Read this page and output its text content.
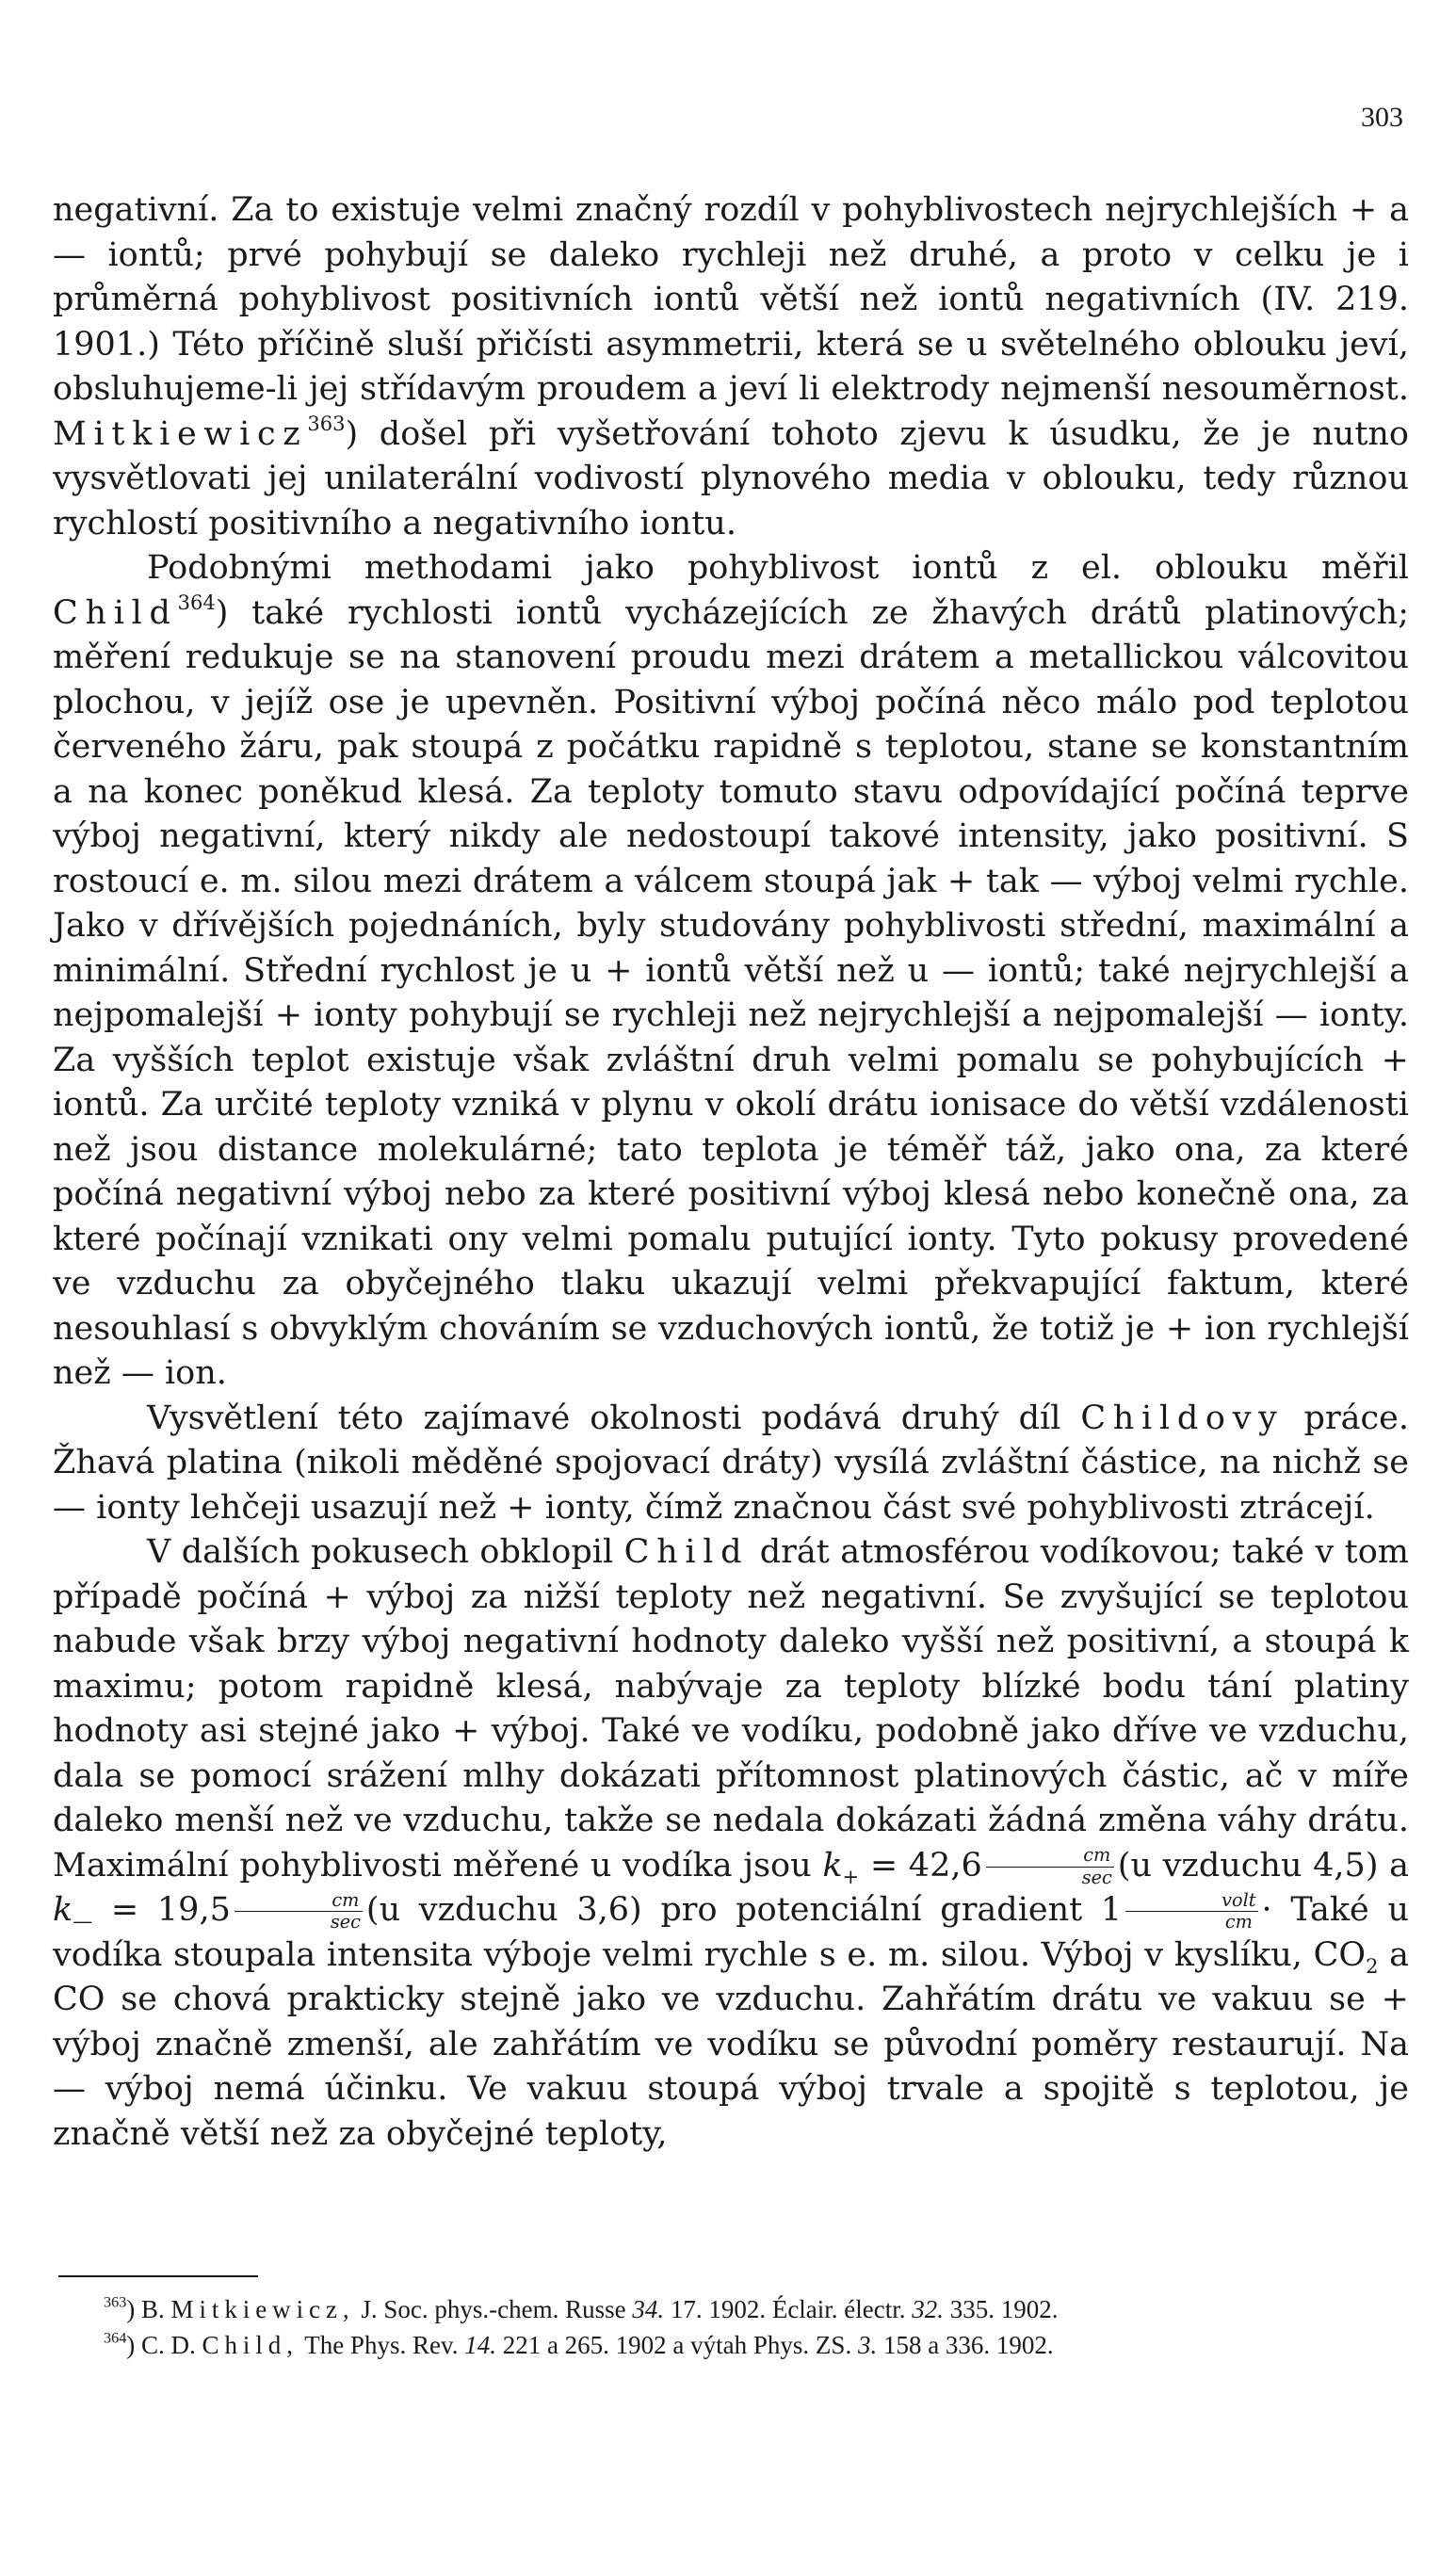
303

negativní. Za to existuje velmi značný rozdíl v pohyblivostech nejrychlejších + a — iontů; prvé pohybují se daleko rychleji než druhé, a proto v celku je i průměrná pohyblivost positivních iontů větší než iontů negativních (IV. 219. 1901.) Této příčině sluší přičísti asymmetrii, která se u světelného oblouku jeví, obsluhujeme-li jej střídavým proudem a jeví li elektrody nejmenší nesouměrnost. Mitkiewicz$^{363}$) došel při vyšetřování tohoto zjevu k úsudku, že je nutno vysvětlovati jej unilaterální vodivostí plynového media v oblouku, tedy různou rychlostí positivního a negativního iontu.

Podobnými methodami jako pohyblivost iontů z el. oblouku měřil Child$^{364}$) také rychlosti iontů vycházejících ze žhavých drátů platinových; měření redukuje se na stanovení proudu mezi drátem a metallickou válcovitou plochou, v jejíž ose je upevněn. Positivní výboj počíná něco málo pod teplotou červeného žáru, pak stoupá z počátku rapidně s teplotou, stane se konstantním a na konec poněkud klesá. Za teploty tomuto stavu odpovídající počíná teprve výboj negativní, který nikdy ale nedostoupí takové intensity, jako positivní. S rostoucí e. m. silou mezi drátem a válcem stoupá jak + tak — výboj velmi rychle. Jako v dřívějších pojednáních, byly studovány pohyblivosti střední, maximální a minimální. Střední rychlost je u + iontů větší než u — iontů; také nejrychlejší a nejpomalejší + ionty pohybují se rychleji než nejrychlejší a nejpomalejší — ionty. Za vyšších teplot existuje však zvláštní druh velmi pomalu se pohybujících + iontů. Za určité teploty vzniká v plynu v okolí drátu ionisace do větší vzdálenosti než jsou distance molekulárné; tato teplota je téměř táž, jako ona, za které počíná negativní výboj nebo za které positivní výboj klesá nebo konečně ona, za které počínají vznikati ony velmi pomalu putující ionty. Tyto pokusy provedené ve vzduchu za obyčejného tlaku ukazují velmi překvapující faktum, které nesouhlasí s obvyklým chováním se vzduchových iontů, že totiž je + ion rychlejší než — ion.

Vysvětlení této zajímavé okolnosti podává druhý díl Childovy práce. Žhavá platina (nikoli měděné spojovací dráty) vysílá zvláštní částice, na nichž se — ionty lehčeji usazují než + ionty, čímž značnou část své pohyblivosti ztrácejí.

V dalších pokusech obklopil Child drát atmosférou vodíkovou; také v tom případě počíná + výboj za nižší teploty než negativní. Se zvyšující se teplotou nabude však brzy výboj negativní hodnoty daleko vyšší než positivní, a stoupá k maximu; potom rapidně klesá, nabývaje za teploty blízké bodu tání platiny hodnoty asi stejné jako + výboj. Také ve vodíku, podobně jako dříve ve vzduchu, dala se pomocí srážení mlhy dokázati přítomnost platinových částic, ač v míře daleko menší než ve vzduchu, takže se nedala dokázati žádná změna váhy drátu. Maximální pohyblivosti měřené u vodíka jsou $k_+ = 42,6 \frac{cm}{\sec} (u$ vzduchu 4,5) a $k_— = 19,5 \frac{cm}{\sec} (u$ vzduchu 3,6) pro potenciální gradient $1 \frac{\text{volt}}{cm}$ · Také u vodíka stoupala intensita výboje velmi rychle s e. m. silou. Výboj v kyslíku, $CO_2$ a CO se chová prakticky stejně jako ve vzduchu. Zahřátím drátu ve vakuu se + výboj značně zmenší, ale zahřátím ve vodíku se původní poměry restaurují. Na — výboj nemá účinku. Ve vakuu stoupá výboj trvale a spojitě s teplotou, je značně větší než za obyčejné teploty,

$^{363}$) B. Mitkiewicz, J. Soc. phys.-chem. Russe 34. 17. 1902. Éclair. électr. 32. 335. 1902.

$^{364}$) C. D. Child, The Phys. Rev. 14. 221 a 265. 1902 a výtah Phys. ZS. 3. 158 a 336. 1902.
